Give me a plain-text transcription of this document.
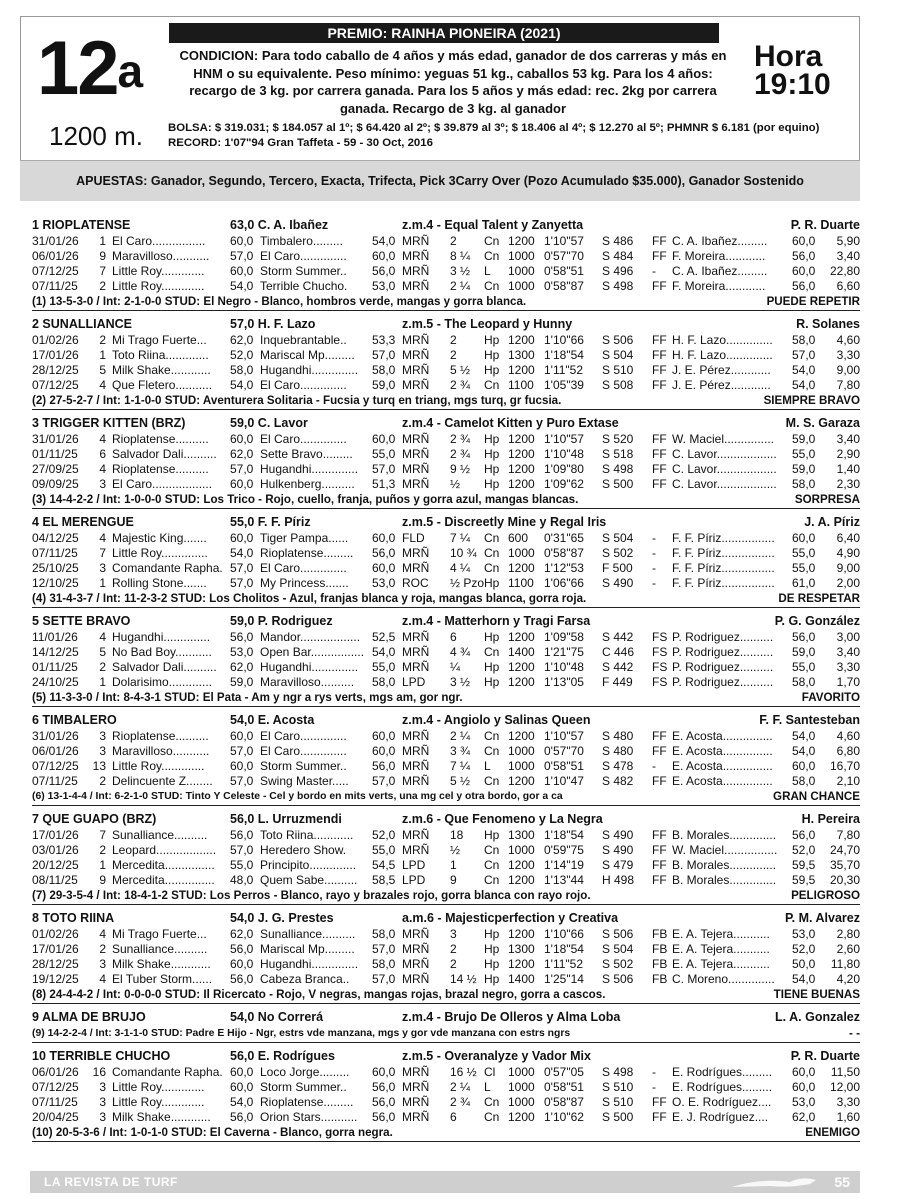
PREMIO: RAINHA PIONEIRA (2021)
12$^a$
1200 m.
Hora
19:10
CONDICION: Para todo caballo de 4 años y más edad, ganador de dos carreras y más en HNM o su equivalente. Peso mínimo: yeguas 51 kg., caballos 53 kg. Para los 4 años: recargo de 3 kg. por carrera ganada. Para los 5 años y más edad: rec. 2kg por carrera ganada. Recargo de 3 kg. al ganador
BOLSA: $ 319.031; $ 184.057 al 1º; $ 64.420 al 2º; $ 39.879 al 3º; $ 18.406 al 4º; $ 12.270 al 5º; PHMNR $ 6.181 (por equino) RECORD: 1'07"94 Gran Taffeta - 59 - 30 Oct, 2016
APUESTAS: Ganador, Segundo, Tercero, Exacta, Trifecta, Pick 3Carry Over (Pozo Acumulado $35.000), Ganador Sostenido
1 RIOPLATENSE	63,0 C. A. Ibañez	z.m.4 - Equal Talent y Zanyetta	P. R. Duarte
31/01/26	1 El Caro................ 60,0 Timbalero......... 54,0 MRÑ 2 Cn 1200 1'10"57 S 486 FF C. A. Ibañez......... 60,0 5,90
06/01/26	9 Maravilloso........... 57,0 El Caro.............. 60,0 MRÑ 8 ¼ Cn 1000 0'57"70 S 484 FF F. Moreira............ 56,0 3,40
07/12/25	7 Little Roy............. 60,0 Storm Summer.. 56,0 MRÑ 3 ½ L 1000 0'58"51 S 496 - C. A. Ibañez......... 60,0 22,80
07/11/25	2 Little Roy............. 54,0 Terrible Chucho. 53,0 MRÑ 2 ¼ Cn 1000 0'58"87 S 498 FF F. Moreira............ 56,0 6,60
(1) 13-5-3-0 / Int: 2-1-0-0 STUD: El Negro - Blanco, hombros verde, mangas y gorra blanca.	PUEDE REPETIR
2 SUNALLIANCE	57,0 H. F. Lazo	z.m.5 - The Leopard y Hunny	R. Solanes
01/02/26	2 Mi Trago Fuerte... 62,0 Inquebrantable.. 53,3 MRÑ 2 Hp 1200 1'10"66 S 506 FF H. F. Lazo.............. 58,0 4,60
17/01/26	1 Toto Riina............. 52,0 Mariscal Mp......... 57,0 MRÑ 2 Hp 1300 1'18"54 S 504 FF H. F. Lazo.............. 57,0 3,30
28/12/25	5 Milk Shake............ 58,0 Hugandhi.............. 58,0 MRÑ 5 ½ Hp 1200 1'11"52 S 510 FF J. E. Pérez............ 54,0 9,00
07/12/25	4 Que Fletero........... 54,0 El Caro.............. 59,0 MRÑ 2 ¾ Cn 1100 1'05"39 S 508 FF J. E. Pérez............ 54,0 7,80
(2) 27-5-2-7 / Int: 1-1-0-0 STUD: Aventurera Solitaria - Fucsia y turq en triang, mgs turq, gr fucsia.	SIEMPRE BRAVO
3 TRIGGER KITTEN (BRZ)	59,0 C. Lavor	z.m.4 - Camelot Kitten y Puro Extase	M. S. Garaza
31/01/26	4 Rioplatense.......... 60,0 El Caro.............. 60,0 MRÑ 2 ¾ Hp 1200 1'10"57 S 520 FF W. Maciel............... 59,0 3,40
01/11/25	6 Salvador Dali.......... 62,0 Sette Bravo......... 55,0 MRÑ 2 ¾ Hp 1200 1'10"48 S 518 FF C. Lavor.................. 55,0 2,90
27/09/25	4 Rioplatense.......... 57,0 Hugandhi.............. 57,0 MRÑ 9 ½ Hp 1200 1'09"80 S 498 FF C. Lavor.................. 59,0 1,40
09/09/25	3 El Caro.................. 60,0 Hulkenberg.......... 51,3 MRÑ ½ Hp 1200 1'09"62 S 500 FF C. Lavor.................. 58,0 2,30
(3) 14-4-2-2 / Int: 1-0-0-0 STUD: Los Trico - Rojo, cuello, franja, puños y gorra azul, mangas blancas.	SORPRESA
4 EL MERENGUE	55,0 F. F. Píriz	z.m.5 - Discreetly Mine y Regal Iris	J. A. Píriz
04/12/25	4 Majestic King....... 60,0 Tiger Pampa...... 60,0 FLD 7 ¼ Cn 600 0'31"65 S 504 - F. F. Píriz................ 60,0 6,40
07/11/25	7 Little Roy.............. 54,0 Rioplatense......... 56,0 MRÑ 10 ¾ Cn 1000 0'58"87 S 502 - F. F. Píriz................ 55,0 4,90
25/10/25	3 Comandante Rapha. 57,0 El Caro.............. 60,0 MRÑ 4 ¼ Cn 1200 1'12"53 F 500 - F. F. Píriz................ 55,0 9,00
12/10/25	1 Rolling Stone....... 57,0 My Princess....... 53,0 ROC ½ Pzo Hp 1100 1'06"66 S 490 - F. F. Píriz................ 61,0 2,00
(4) 31-4-3-7 / Int: 11-2-3-2 STUD: Los Cholitos - Azul, franjas blanca y roja, mangas blanca, gorra roja.	DE RESPETAR
5 SETTE BRAVO	59,0 P. Rodriguez	z.m.4 - Matterhorn y Tragi Farsa	P. G. González
11/01/26	4 Hugandhi.............. 56,0 Mandor.................. 52,5 MRÑ 6 Hp 1200 1'09"58 S 442 FS P. Rodriguez.......... 56,0 3,00
14/12/25	5 No Bad Boy........... 53,0 Open Bar................ 54,0 MRÑ 4 ¾ Cn 1400 1'21"75 C 446 FS P. Rodriguez.......... 59,0 3,40
01/11/25	2 Salvador Dali.......... 62,0 Hugandhi.............. 55,0 MRÑ ¼ Hp 1200 1'10"48 S 442 FS P. Rodriguez.......... 55,0 3,30
24/10/25	1 Dolarisimo............. 59,0 Maravilloso.......... 58,0 LPD 3 ½ Hp 1200 1'13"05 F 449 FS P. Rodriguez.......... 58,0 1,70
(5) 11-3-3-0 / Int: 8-4-3-1 STUD: El Pata - Am y ngr a rys verts, mgs am, gor ngr.	FAVORITO
6 TIMBALERO	54,0 E. Acosta	z.m.4 - Angiolo y Salinas Queen	F. F. Santesteban
31/01/26	3 Rioplatense.......... 60,0 El Caro.............. 60,0 MRÑ 2 ¼ Cn 1200 1'10"57 S 480 FF E. Acosta............... 54,0 4,60
06/01/26	3 Maravilloso........... 57,0 El Caro.............. 60,0 MRÑ 3 ¾ Cn 1000 0'57"70 S 480 FF E. Acosta............... 54,0 6,80
07/12/25 13 Little Roy............. 60,0 Storm Summer.. 56,0 MRÑ 7 ¼ L 1000 0'58"51 S 478 - E. Acosta............... 60,0 16,70
07/11/25	2 Delincuente Z........ 57,0 Swing Master..... 57,0 MRÑ 5 ½ Cn 1200 1'10"47 S 482 FF E. Acosta............... 58,0 2,10
(6) 13-1-4-4 / Int: 6-2-1-0 STUD: Tinto Y Celeste - Cel y bordo en mits verts, una mg cel y otra bordo, gor a ca	GRAN CHANCE
7 QUE GUAPO (BRZ)	56,0 L. Urruzmendi	z.m.6 - Que Fenomeno y La Negra	H. Pereira
17/01/26	7 Sunalliance.......... 56,0 Toto Riina............ 52,0 MRÑ 18 Hp 1300 1'18"54 S 490 FF B. Morales.............. 56,0 7,80
03/01/26	2 Leopard.................. 57,0 Heredero Show. 55,0 MRÑ ½ Cn 1000 0'59"75 S 490 FF W. Maciel................ 52,0 24,70
20/12/25	1 Mercedita............... 55,0 Principito.............. 54,5 LPD 1 Cn 1200 1'14"19 S 479 FF B. Morales.............. 59,5 35,70
08/11/25	9 Mercedita............... 48,0 Quem Sabe.......... 58,5 LPD 9 Cn 1200 1'13"44 H 498 FF B. Morales.............. 59,5 20,30
(7) 29-3-5-4 / Int: 18-4-1-2 STUD: Los Perros - Blanco, rayo y brazales rojo, gorra blanca con rayo rojo.	PELIGROSO
8 TOTO RIINA	54,0 J. G. Prestes	a.m.6 - Majesticperfection y Creativa	P. M. Alvarez
01/02/26	4 Mi Trago Fuerte... 62,0 Sunalliance.......... 58,0 MRÑ 3 Hp 1200 1'10"66 S 506 FB E. A. Tejera........... 53,0 2,80
17/01/26	2 Sunalliance.......... 56,0 Mariscal Mp......... 57,0 MRÑ 2 Hp 1300 1'18"54 S 504 FB E. A. Tejera........... 52,0 2,60
28/12/25	3 Milk Shake............ 60,0 Hugandhi.............. 58,0 MRÑ 2 Hp 1200 1'11"52 S 502 FB E. A. Tejera........... 50,0 11,80
19/12/25	4 El Tuber Storm...... 56,0 Cabeza Branca.. 57,0 MRÑ 14 ½ Hp 1400 1'25"14 S 506 FB C. Moreno.............. 54,0 4,20
(8) 24-4-4-2 / Int: 0-0-0-0 STUD: Il Ricercato - Rojo, V negras, mangas rojas, brazal negro, gorra a cascos.	TIENE BUENAS
9 ALMA DE BRUJO	54,0 No Correrá	z.m.4 - Brujo De Olleros y Alma Loba	L. A. Gonzalez
(9) 14-2-2-4 / Int: 3-1-1-0 STUD: Padre E Hijo - Ngr, estrs vde manzana, mgs y gor vde manzana con estrs ngrs	- -
10 TERRIBLE CHUCHO	56,0 E. Rodrígues	z.m.5 - Overanalyze y Vador Mix	P. R. Duarte
06/01/26 16 Comandante Rapha. 60,0 Loco Jorge......... 60,0 MRÑ 16 ½ Cl 1000 0'57"05 S 498 - E. Rodrígues......... 60,0 11,50
07/12/25	3 Little Roy............. 60,0 Storm Summer.. 56,0 MRÑ 2 ¼ L 1000 0'58"51 S 510 - E. Rodrígues......... 60,0 12,00
07/11/25	3 Little Roy............. 54,0 Rioplatense......... 56,0 MRÑ 2 ¾ Cn 1000 0'58"87 S 510 FF O. E. Rodríguez.... 53,0 3,30
20/04/25	3 Milk Shake............ 56,0 Orion Stars........... 56,0 MRÑ 6 Cn 1200 1'10"62 S 500 FF E. J. Rodríguez.... 62,0 1,60
(10) 20-5-3-6 / Int: 1-0-1-0 STUD: El Caverna - Blanco, gorra negra.	ENEMIGO
LA REVISTA DE TURF	55
